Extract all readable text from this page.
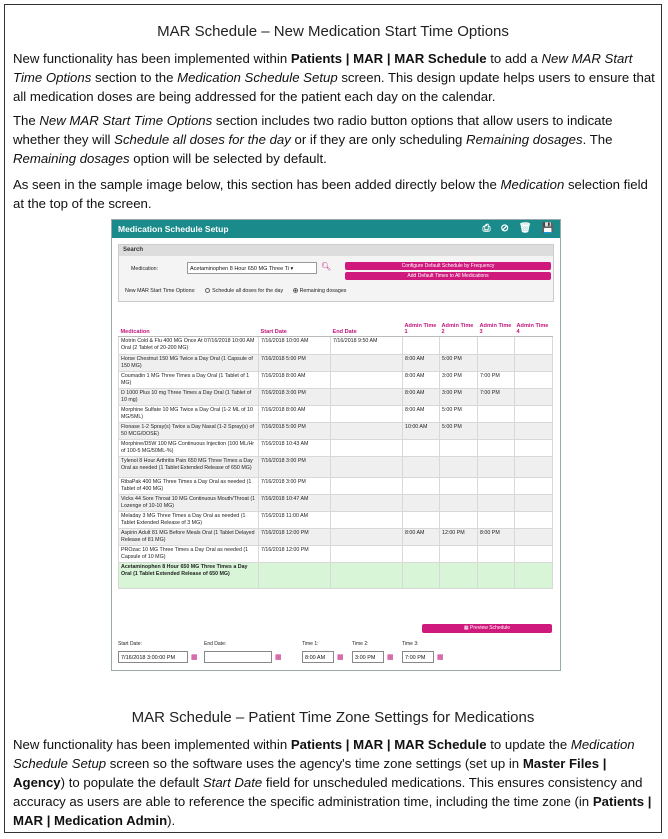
MAR Schedule – New Medication Start Time Options

New functionality has been implemented within Patients | MAR | MAR Schedule to add a New MAR Start Time Options section to the Medication Schedule Setup screen. This design update helps users to ensure that all medication doses are being addressed for the patient each day on the calendar.

The New MAR Start Time Options section includes two radio button options that allow users to indicate whether they will Schedule all doses for the day or if they are only scheduling Remaining dosages. The Remaining dosages option will be selected by default.

As seen in the sample image below, this section has been added directly below the Medication selection field at the top of the screen.

Medication Schedule Setup	⎙ ⊘ 🗑 💾
Search
Medication:	Acetaminophen 8 Hour 650 MG Three Ti ▾	🔍︎	Configure Default Schedule by Frequency
Add Default Times to All Medications
New MAR Start Time Options:	Schedule all doses for the day	Remaining dosages
Medication	Start Date	End Date	Admin Time 1	Admin Time 2	Admin Time 3	Admin Time 4
Motrin Cold & Flu 400 MG Once At 07/16/2018 10:00 AM Oral (2 Tablet of 20-200 MG)	7/16/2018 10:00 AM	7/16/2018 9:50 AM				
Horse Chestnut 150 MG Twice a Day Oral (1 Capsule of 150 MG)	7/16/2018 5:00 PM		8:00 AM	5:00 PM		
Coumadin 1 MG Three Times a Day Oral (1 Tablet of 1 MG)	7/16/2018 8:00 AM		8:00 AM	3:00 PM	7:00 PM	
D 1000 Plus 10 mg Three Times a Day Oral (1 Tablet of 10 mg)	7/16/2018 3:00 PM		8:00 AM	3:00 PM	7:00 PM	
Morphine Sulfate 10 MG Twice a Day Oral (1-2 ML of 10 MG/5ML)	7/16/2018 8:00 AM		8:00 AM	5:00 PM		
Flonase 1-2 Spray(s) Twice a Day Nasal (1-2 Spray(s) of 50 MCG/DOSE)	7/16/2018 5:00 PM		10:00 AM	5:00 PM		
Morphine/D5W 100 MG Continuous Injection (100 ML/Hr of 100-5 MG/50ML-%)	7/16/2018 10:43 AM					
Tylenol 8 Hour Arthritis Pain 650 MG Three Times a Day Oral as needed (1 Tablet Extended Release of 650 MG)	7/16/2018 3:00 PM					
RibaPak 400 MG Three Times a Day Oral as needed (1 Tablet of 400 MG)	7/16/2018 3:00 PM					
Vicks 44 Sore Throat 10 MG Continuous Mouth/Throat (1 Lozenge of 10-10 MG)	7/16/2018 10:47 AM					
Meladay 3 MG Three Times a Day Oral as needed (1 Tablet Extended Release of 3 MG)	7/16/2018 11:00 AM					
Aspirin Adult 81 MG Before Meals Oral (1 Tablet Delayed Release of 81 MG)	7/16/2018 12:00 PM		8:00 AM	12:00 PM	8:00 PM	
PROzac 10 MG Three Times a Day Oral as needed (1 Capsule of 10 MG)	7/16/2018 12:00 PM					
Acetaminophen 8 Hour 650 MG Three Times a Day Oral (1 Tablet Extended Release of 650 MG)						
▦ Preview Schedule
Start Date:
7/16/2018 3:00:00 PM ▦
End Date:
▦
Time 1:
8:00 AM ▦
Time 2:
3:00 PM ▦
Time 3:
7:00 PM ▦
MAR Schedule – Patient Time Zone Settings for Medications

New functionality has been implemented within Patients | MAR | MAR Schedule to update the Medication Schedule Setup screen so the software uses the agency's time zone settings (set up in Master Files | Agency) to populate the default Start Date field for unscheduled medications. This ensures consistency and accuracy as users are able to reference the specific administration time, including the time zone (in Patients | MAR | Medication Admin).
